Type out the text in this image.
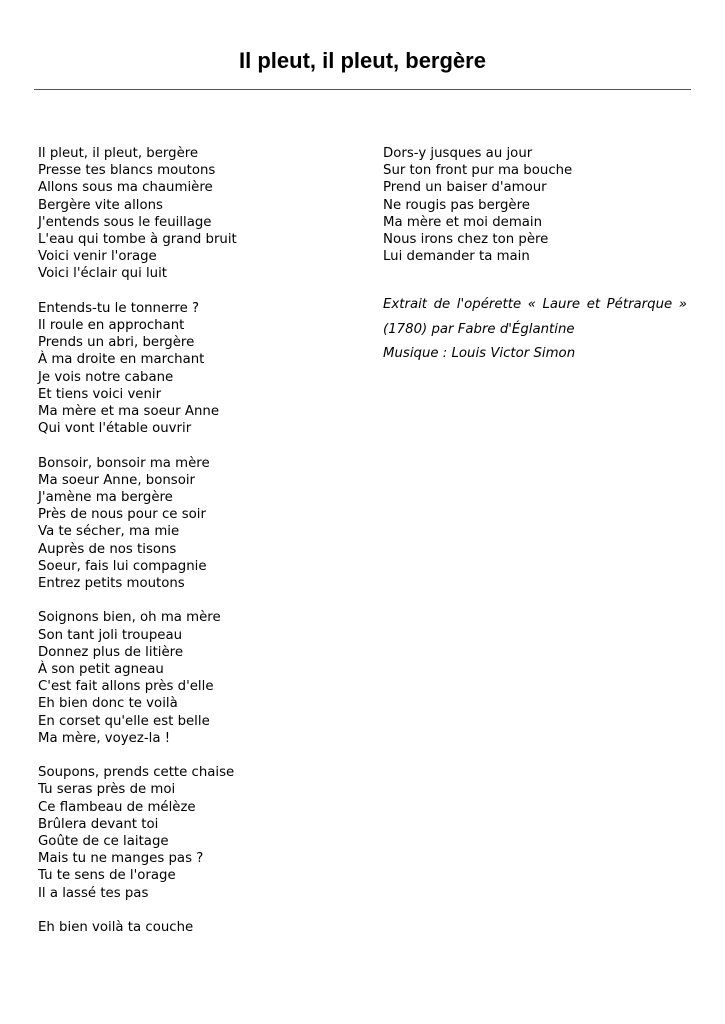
Il pleut, il pleut, bergère
Il pleut, il pleut, bergère
Presse tes blancs moutons
Allons sous ma chaumière
Bergère vite allons
J'entends sous le feuillage
L'eau qui tombe à grand bruit
Voici venir l'orage
Voici l'éclair qui luit
Entends-tu le tonnerre ?
Il roule en approchant
Prends un abri, bergère
À ma droite en marchant
Je vois notre cabane
Et tiens voici venir
Ma mère et ma soeur Anne
Qui vont l'étable ouvrir
Bonsoir, bonsoir ma mère
Ma soeur Anne, bonsoir
J'amène ma bergère
Près de nous pour ce soir
Va te sécher, ma mie
Auprès de nos tisons
Soeur, fais lui compagnie
Entrez petits moutons
Soignons bien, oh ma mère
Son tant joli troupeau
Donnez plus de litière
À son petit agneau
C'est fait allons près d'elle
Eh bien donc te voilà
En corset qu'elle est belle
Ma mère, voyez-la !
Soupons, prends cette chaise
Tu seras près de moi
Ce flambeau de mélèze
Brûlera devant toi
Goûte de ce laitage
Mais tu ne manges pas ?
Tu te sens de l'orage
Il a lassé tes pas
Eh bien voilà ta couche
Dors-y jusques au jour
Sur ton front pur ma bouche
Prend un baiser d'amour
Ne rougis pas bergère
Ma mère et moi demain
Nous irons chez ton père
Lui demander ta main
Extrait de l'opérette « Laure et Pétrarque »
(1780) par Fabre d'Églantine
Musique : Louis Victor Simon
